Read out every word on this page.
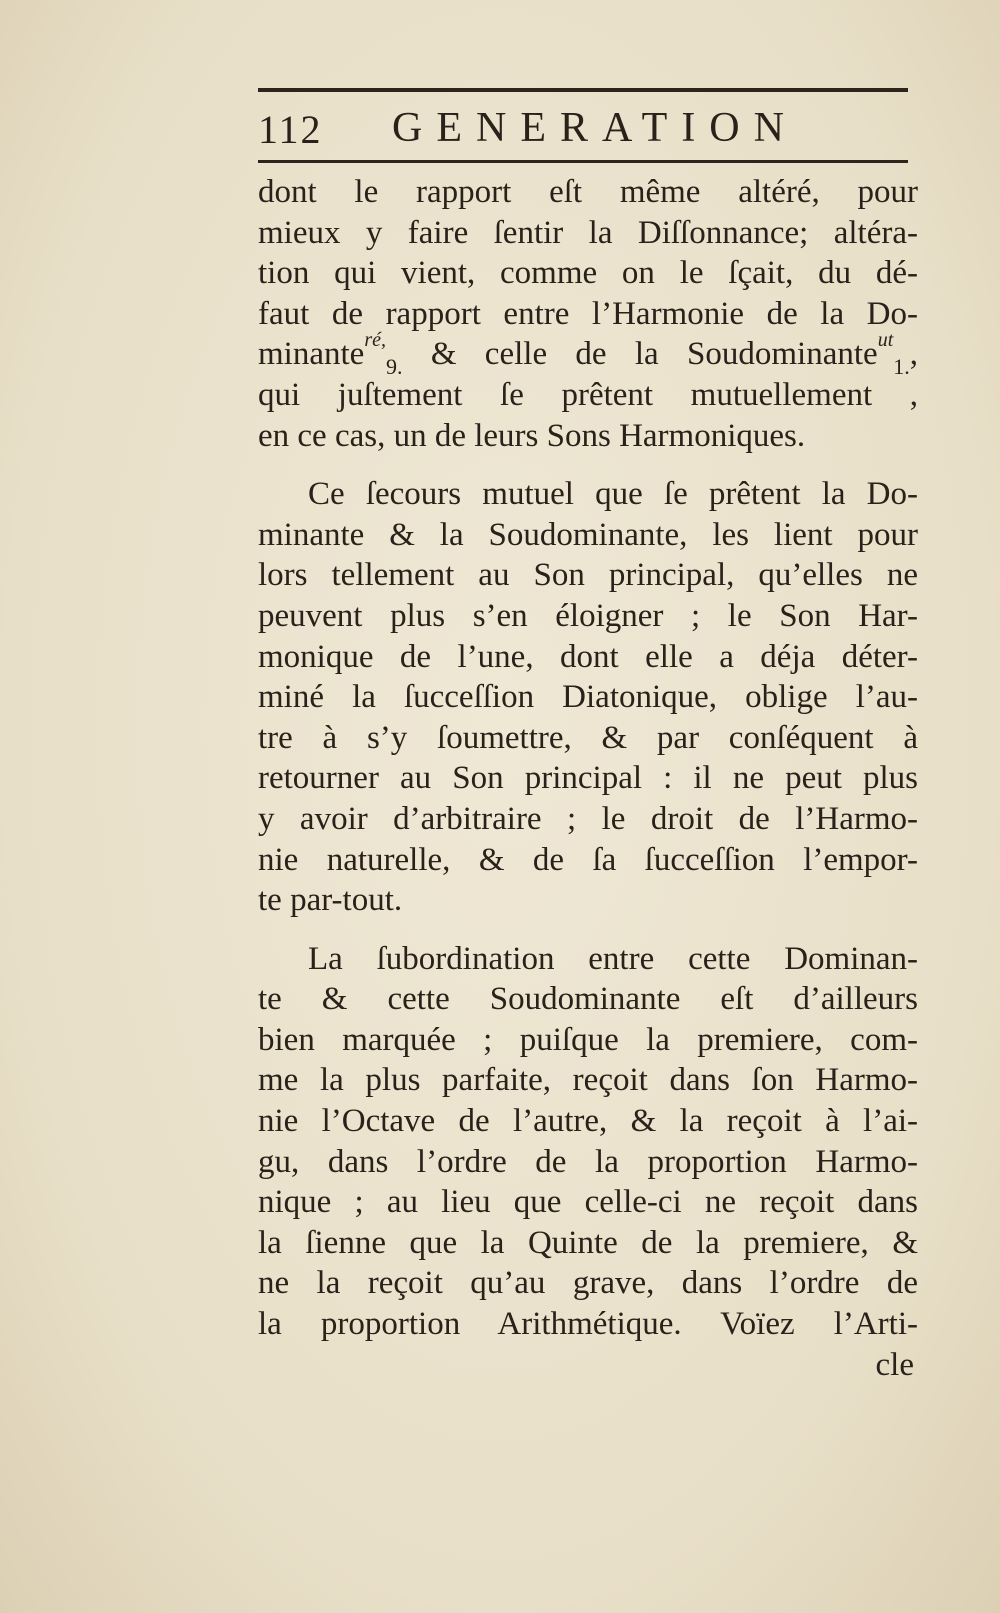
112 GENERATION
dont le rapport eſt même altéré, pour
mieux y faire ſentir la Diſſonnance; altéra-
tion qui vient, comme on le ſçait, du dé-
faut de rapport entre l’Harmonie de la Do-
minante$^{ré,}_{9.}$ & celle de la Soudominante$^{ut}_{1.}$,
qui juſtement ſe prêtent mutuellement ,
en ce cas, un de leurs Sons Harmoniques.
Ce ſecours mutuel que ſe prêtent la Do-
minante & la Soudominante, les lient pour
lors tellement au Son principal, qu’elles ne
peuvent plus s’en éloigner ; le Son Har-
monique de l’une, dont elle a déja déter-
miné la ſucceſſion Diatonique, oblige l’au-
tre à s’y ſoumettre, & par conſéquent à
retourner au Son principal : il ne peut plus
y avoir d’arbitraire ; le droit de l’Harmo-
nie naturelle, & de ſa ſucceſſion l’empor-
te par-tout.
La ſubordination entre cette Dominan-
te & cette Soudominante eſt d’ailleurs
bien marquée ; puiſque la premiere, com-
me la plus parfaite, reçoit dans ſon Harmo-
nie l’Octave de l’autre, & la reçoit à l’ai-
gu, dans l’ordre de la proportion Harmo-
nique ; au lieu que celle-ci ne reçoit dans
la ſienne que la Quinte de la premiere, &
ne la reçoit qu’au grave, dans l’ordre de
la proportion Arithmétique. Voïez l’Arti-
cle
